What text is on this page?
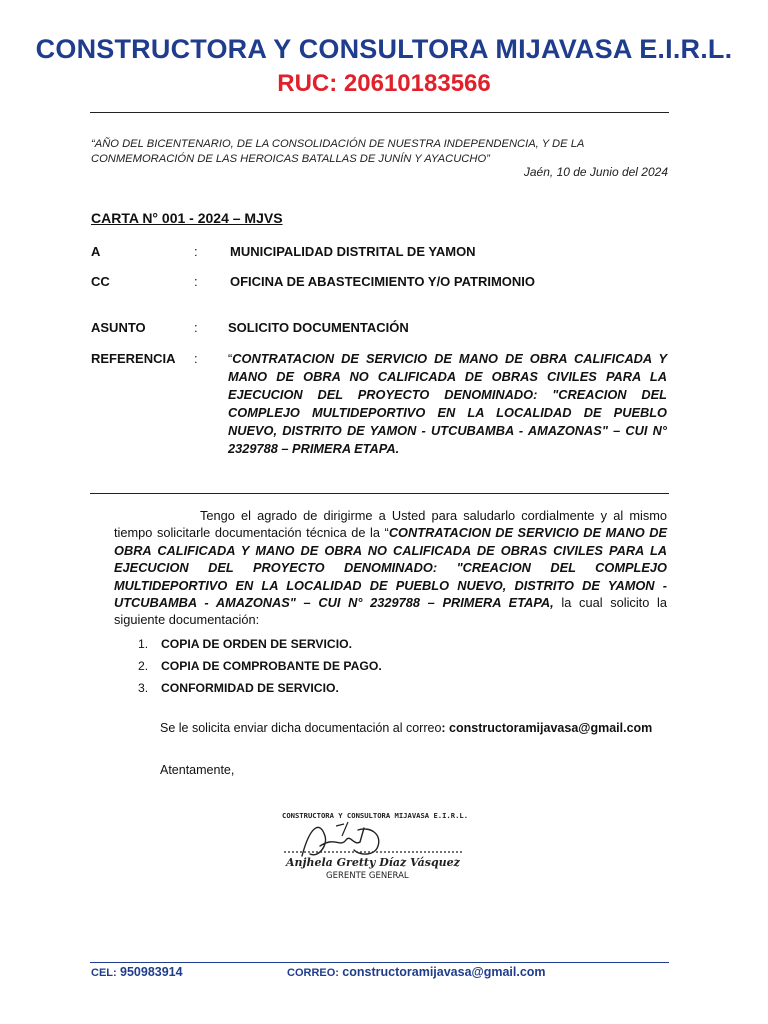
CONSTRUCTORA Y CONSULTORA MIJAVASA E.I.R.L.
RUC: 20610183566
“AÑO DEL BICENTENARIO, DE LA CONSOLIDACIÓN DE NUESTRA INDEPENDENCIA, Y DE LA CONMEMORACIÓN DE LAS HEROICAS BATALLAS DE JUNÍN Y AYACUCHO”
Jaén, 10 de Junio del 2024
CARTA N° 001 - 2024 – MJVS
A	: MUNICIPALIDAD DISTRITAL DE YAMON
CC	: OFICINA DE ABASTECIMIENTO Y/O PATRIMONIO
ASUNTO	: SOLICITO DOCUMENTACIÓN
REFERENCIA : “CONTRATACION DE SERVICIO DE MANO DE OBRA CALIFICADA Y MANO DE OBRA NO CALIFICADA DE OBRAS CIVILES PARA LA EJECUCION DEL PROYECTO DENOMINADO: "CREACION DEL COMPLEJO MULTIDEPORTIVO EN LA LOCALIDAD DE PUEBLO NUEVO, DISTRITO DE YAMON - UTCUBAMBA - AMAZONAS" – CUI N° 2329788 – PRIMERA ETAPA.
Tengo el agrado de dirigirme a Usted para saludarlo cordialmente y al mismo tiempo solicitarle documentación técnica de la “CONTRATACION DE SERVICIO DE MANO DE OBRA CALIFICADA Y MANO DE OBRA NO CALIFICADA DE OBRAS CIVILES PARA LA EJECUCION DEL PROYECTO DENOMINADO: "CREACION DEL COMPLEJO MULTIDEPORTIVO EN LA LOCALIDAD DE PUEBLO NUEVO, DISTRITO DE YAMON - UTCUBAMBA - AMAZONAS" – CUI N° 2329788 – PRIMERA ETAPA, la cual solicito la siguiente documentación:
1. COPIA DE ORDEN DE SERVICIO.
2. COPIA DE COMPROBANTE DE PAGO.
3. CONFORMIDAD DE SERVICIO.
Se le solicita enviar dicha documentación al correo: constructoramijavasa@gmail.com
Atentamente,
CONSTRUCTORA Y CONSULTORA MIJAVASA E.I.R.L.
Anjhela Gretty Díaz Vásquez
GERENTE GENERAL
CEL: 950983914	CORREO: constructoramijavasa@gmail.com
